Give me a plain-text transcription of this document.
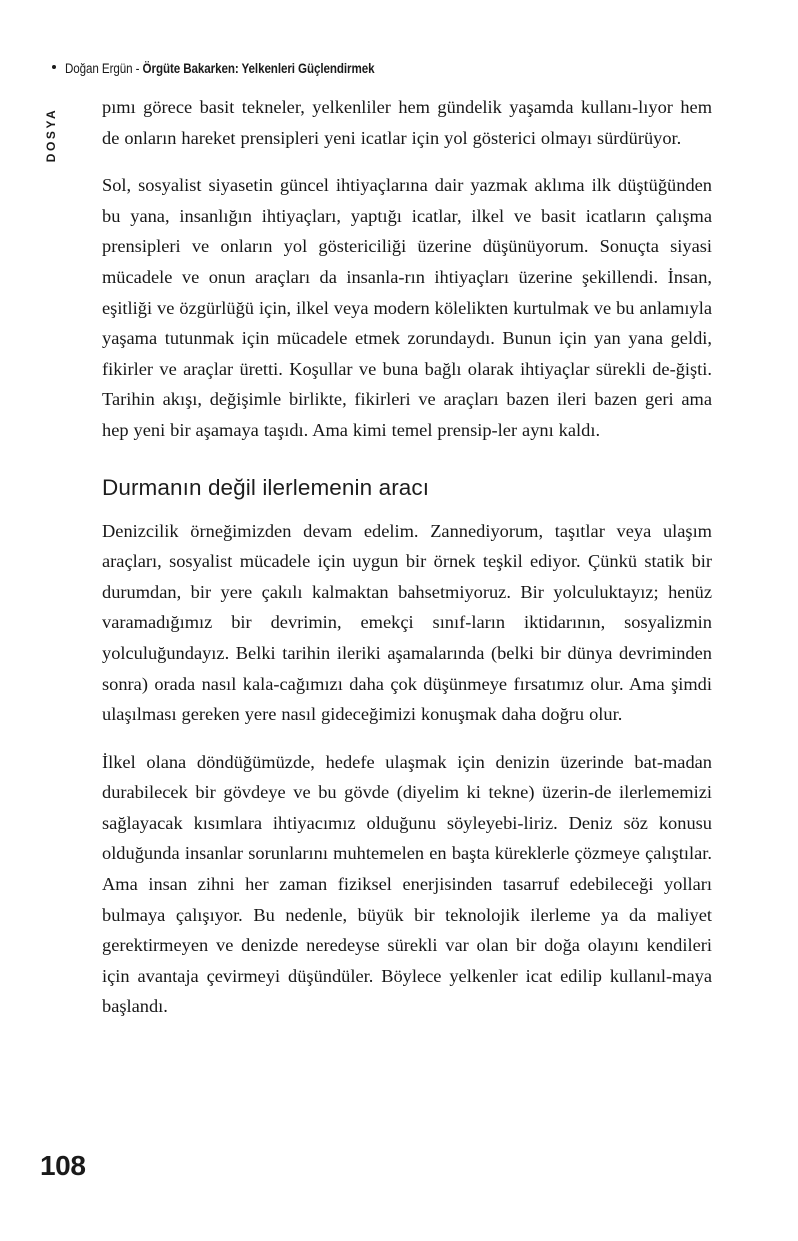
Doğan Ergün - Örgüte Bakarken: Yelkenleri Güçlendirmek
DOSYA

pımı görece basit tekneler, yelkenliler hem gündelik yaşamda kullanı-lıyor hem de onların hareket prensipleri yeni icatlar için yol gösterici olmayı sürdürüyor.

Sol, sosyalist siyasetin güncel ihtiyaçlarına dair yazmak aklıma ilk düştüğünden bu yana, insanlığın ihtiyaçları, yaptığı icatlar, ilkel ve basit icatların çalışma prensipleri ve onların yol göstericiliği üzerine düşünüyorum. Sonuçta siyasi mücadele ve onun araçları da insanla-rın ihtiyaçları üzerine şekillendi. İnsan, eşitliği ve özgürlüğü için, ilkel veya modern kölelikten kurtulmak ve bu anlamıyla yaşama tutunmak için mücadele etmek zorundaydı. Bunun için yan yana geldi, fikirler ve araçlar üretti. Koşullar ve buna bağlı olarak ihtiyaçlar sürekli de-ğişti. Tarihin akışı, değişimle birlikte, fikirleri ve araçları bazen ileri bazen geri ama hep yeni bir aşamaya taşıdı. Ama kimi temel prensip-ler aynı kaldı.

Durmanın değil ilerlemenin aracı

Denizcilik örneğimizden devam edelim. Zannediyorum, taşıtlar veya ulaşım araçları, sosyalist mücadele için uygun bir örnek teşkil ediyor. Çünkü statik bir durumdan, bir yere çakılı kalmaktan bahsetmiyoruz. Bir yolculuktayız; henüz varamadığımız bir devrimin, emekçi sınıf-ların iktidarının, sosyalizmin yolculuğundayız. Belki tarihin ileriki aşamalarında (belki bir dünya devriminden sonra) orada nasıl kala-cağımızı daha çok düşünmeye fırsatımız olur. Ama şimdi ulaşılması gereken yere nasıl gideceğimizi konuşmak daha doğru olur.

İlkel olana döndüğümüzde, hedefe ulaşmak için denizin üzerinde bat-madan durabilecek bir gövdeye ve bu gövde (diyelim ki tekne) üzerin-de ilerlememizi sağlayacak kısımlara ihtiyacımız olduğunu söyleyebi-liriz. Deniz söz konusu olduğunda insanlar sorunlarını muhtemelen en başta küreklerle çözmeye çalıştılar. Ama insan zihni her zaman fiziksel enerjisinden tasarruf edebileceği yolları bulmaya çalışıyor. Bu nedenle, büyük bir teknolojik ilerleme ya da maliyet gerektirmeyen ve denizde neredeyse sürekli var olan bir doğa olayını kendileri için avantaja çevirmeyi düşündüler. Böylece yelkenler icat edilip kullanıl-maya başlandı.

108
